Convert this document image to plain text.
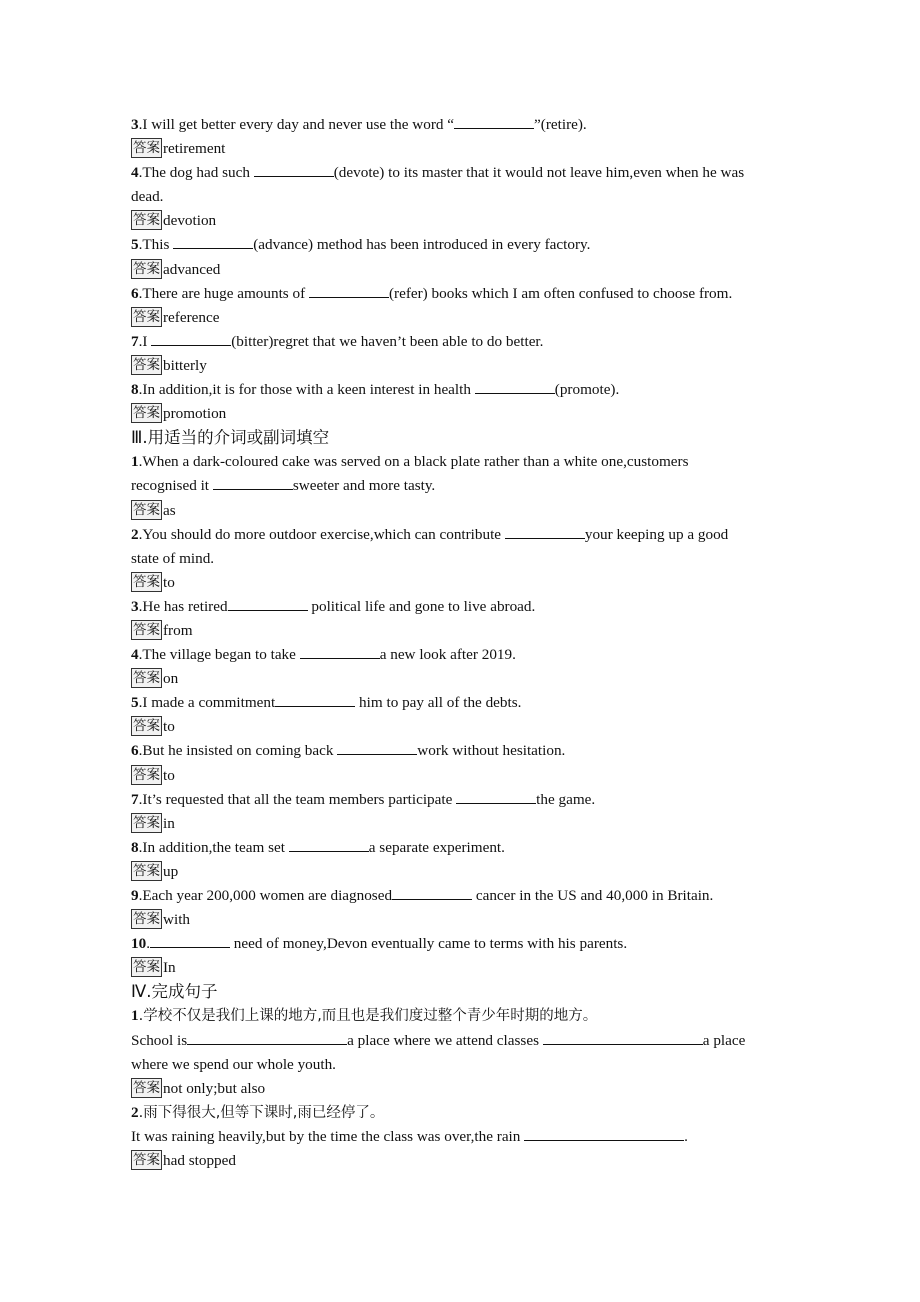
3.I will get better every day and never use the word “	”(retire).
答案 retirement
4.The dog had such	(devote) to its master that it would not leave him,even when he was
dead.
答案 devotion
5.This	(advance) method has been introduced in every factory.
答案 advanced
6.There are huge amounts of	(refer) books which I am often confused to choose from.
答案 reference
7.I	(bitter)regret that we haven’t been able to do better.
答案 bitterly
8.In addition,it is for those with a keen interest in health	(promote).
答案 promotion
Ⅲ.用适当的介词或副词填空
1.When a dark-coloured cake was served on a black plate rather than a white one,customers
recognised it	sweeter and more tasty.
答案 as
2.You should do more outdoor exercise,which can contribute	your keeping up a good
state of mind.
答案 to
3.He has retired	political life and gone to live abroad.
答案 from
4.The village began to take	a new look after 2019.
答案 on
5.I made a commitment	him to pay all of the debts.
答案 to
6.But he insisted on coming back	work without hesitation.
答案 to
7.It’s requested that all the team members participate	the game.
答案 in
8.In addition,the team set	a separate experiment.
答案 up
9.Each year 200,000 women are diagnosed	cancer in the US and 40,000 in Britain.
答案 with
10.	need of money,Devon eventually came to terms with his parents.
答案 In
Ⅳ.完成句子
1.学校不仅是我们上课的地方,而且也是我们度过整个青少年时期的地方。
School is	a place where we attend classes	a place
where we spend our whole youth.
答案 not only;but also
2.雨下得很大,但等下课时,雨已经停了。
It was raining heavily,but by the time the class was over,the rain	.
答案 had stopped
